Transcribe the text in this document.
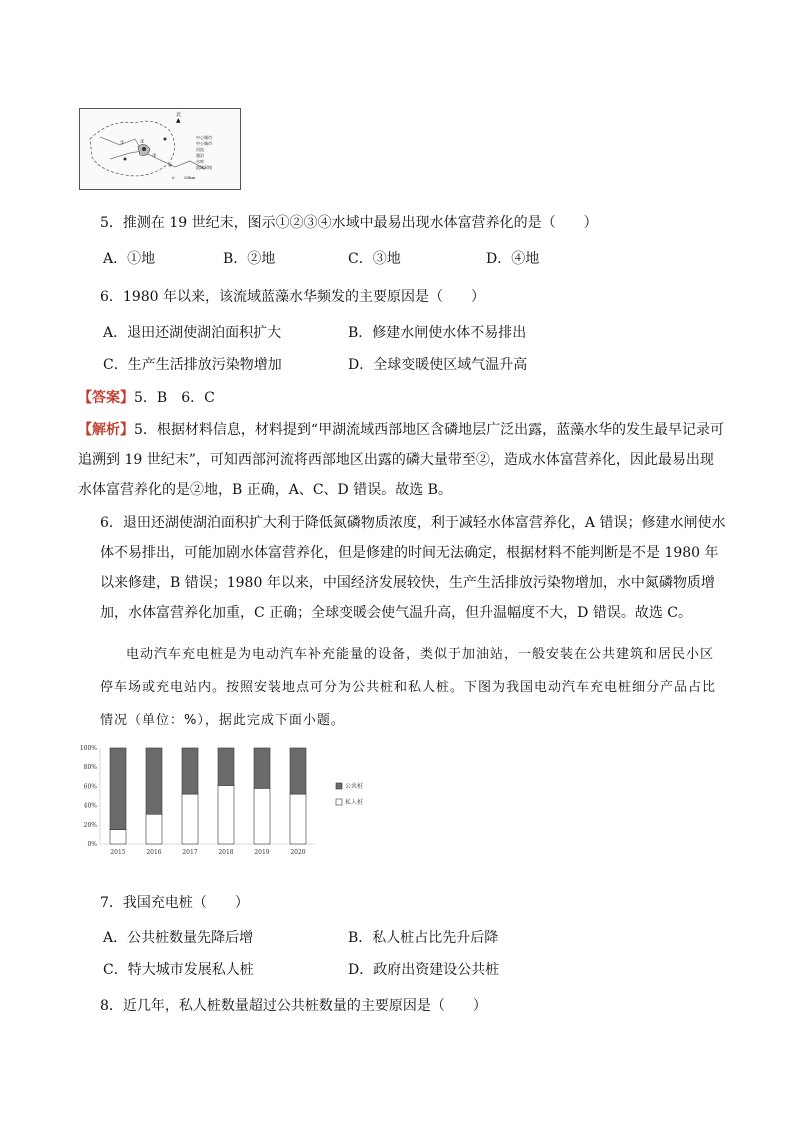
①	②
③
④
北
▲
中心城市
中小城市
河流
湖泊
水库
流域界线
0 30km
5．推测在 19 世纪末，图示①②③④水域中最易出现水体富营养化的是（　　）
A．①地	B．②地	C．③地	D．④地
6．1980 年以来，该流域蓝藻水华频发的主要原因是（　　）
A．退田还湖使湖泊面积扩大	B．修建水闸使水体不易排出
C．生产生活排放污染物增加	D．全球变暖使区域气温升高
【答案】5．B　6．C
【解析】5．根据材料信息，材料提到“甲湖流域西部地区含磷地层广泛出露，蓝藻水华的发生最早记录可追溯到 19 世纪末”，可知西部河流将西部地区出露的磷大量带至②，造成水体富营养化，因此最易出现水体富营养化的是②地，B 正确，A、C、D 错误。故选 B。
6．退田还湖使湖泊面积扩大利于降低氮磷物质浓度，利于减轻水体富营养化，A 错误；修建水闸使水体不易排出，可能加剧水体富营养化，但是修建的时间无法确定，根据材料不能判断是不是 1980 年以来修建，B 错误；1980 年以来，中国经济发展较快，生产生活排放污染物增加，水中氮磷物质增加，水体富营养化加重，C 正确；全球变暖会使气温升高，但升温幅度不大，D 错误。故选 C。
电动汽车充电桩是为电动汽车补充能量的设备，类似于加油站，一般安装在公共建筑和居民小区停车场或充电站内。按照安装地点可分为公共桩和私人桩。下图为我国电动汽车充电桩细分产品占比情况（单位：%），据此完成下面小题。
0%
20%
40%
60%
80%
100%
2015	2016	2017	2018	2019	2020
公共桩
私人桩
7．我国充电桩（　　）
A．公共桩数量先降后增	B．私人桩占比先升后降
C．特大城市发展私人桩	D．政府出资建设公共桩
8．近几年，私人桩数量超过公共桩数量的主要原因是（　　）
